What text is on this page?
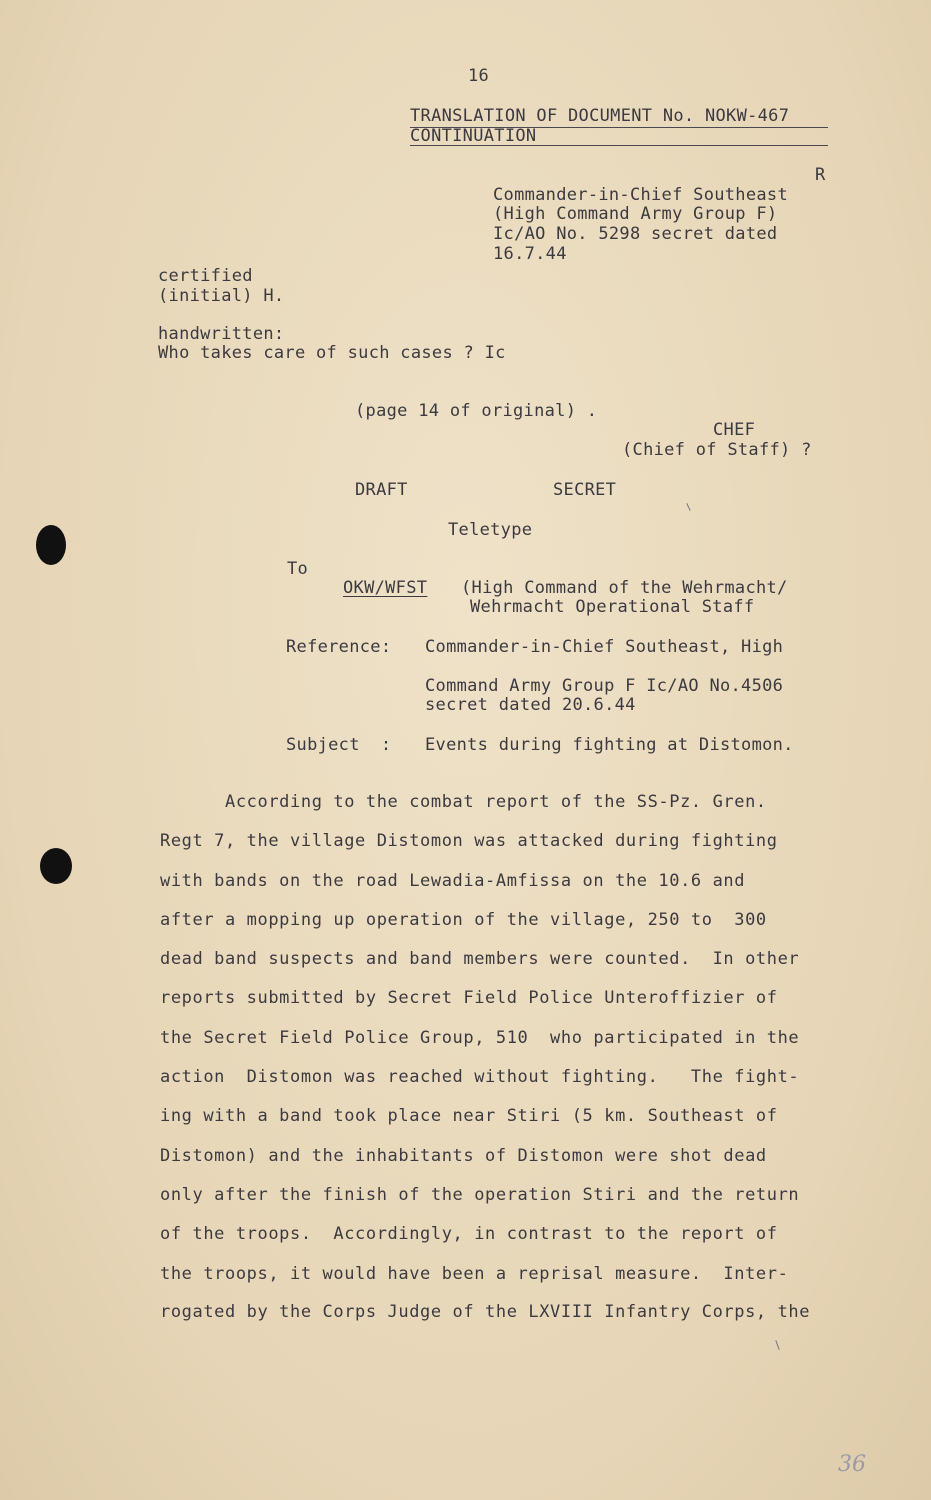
16
TRANSLATION OF DOCUMENT No. NOKW-467
CONTINUATION
R
Commander-in-Chief Southeast
(High Command Army Group F)
Ic/AO No. 5298 secret dated
16.7.44
certified
(initial) H.
handwritten:
Who takes care of such cases ? Ic
(page 14 of original) .
CHEF
(Chief of Staff) ?
DRAFT	SECRET
Teletype
To
OKW/WFST (High Command of the Wehrmacht/
Wehrmacht Operational Staff
Reference: Commander-in-Chief Southeast, High
Command Army Group F Ic/AO No.4506
secret dated 20.6.44
Subject  : Events during fighting at Distomon.
According to the combat report of the SS-Pz. Gren.
Regt 7, the village Distomon was attacked during fighting
with bands on the road Lewadia-Amfissa on the 10.6 and
after a mopping up operation of the village, 250 to  300
dead band suspects and band members were counted.  In other
reports submitted by Secret Field Police Unteroffizier of
the Secret Field Police Group, 510  who participated in the
action  Distomon was reached without fighting.   The fight-
ing with a band took place near Stiri (5 km. Southeast of
Distomon) and the inhabitants of Distomon were shot dead
only after the finish of the operation Stiri and the return
of the troops.  Accordingly, in contrast to the report of
the troops, it would have been a reprisal measure.  Inter-
rogated by the Corps Judge of the LXVIII Infantry Corps, the
36
